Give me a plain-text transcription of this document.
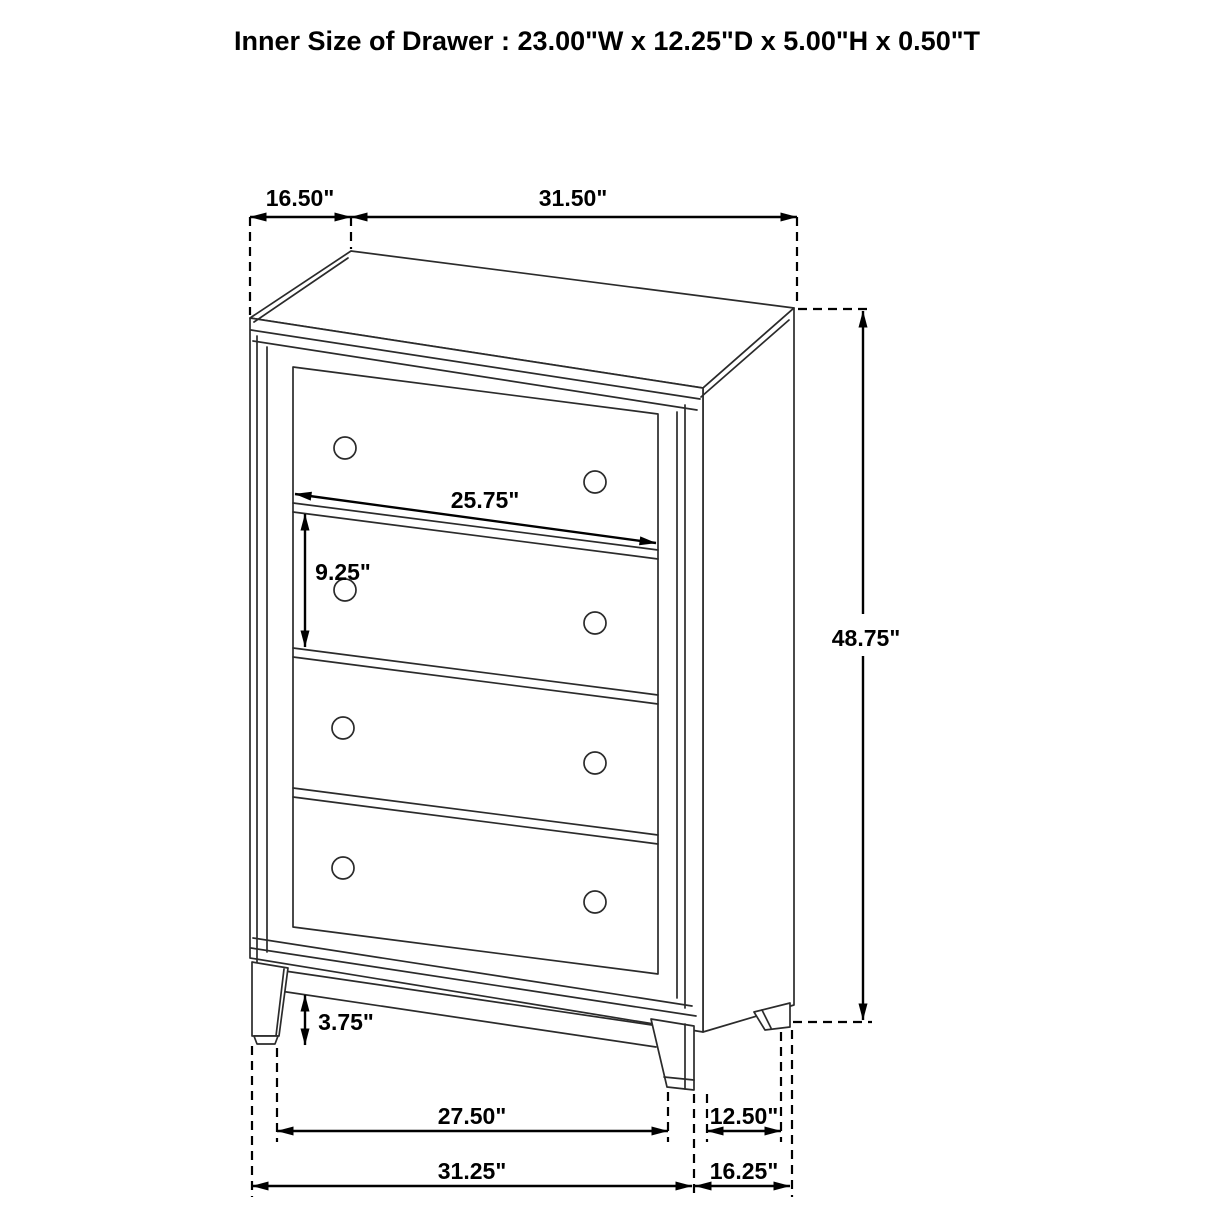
Inner Size of Drawer : 23.00"W x 12.25"D x 5.00"H x 0.50"T
16.50"	31.50"
25.75"
9.25"
48.75"
3.75"
27.50"	12.50"
31.25"	16.25"
